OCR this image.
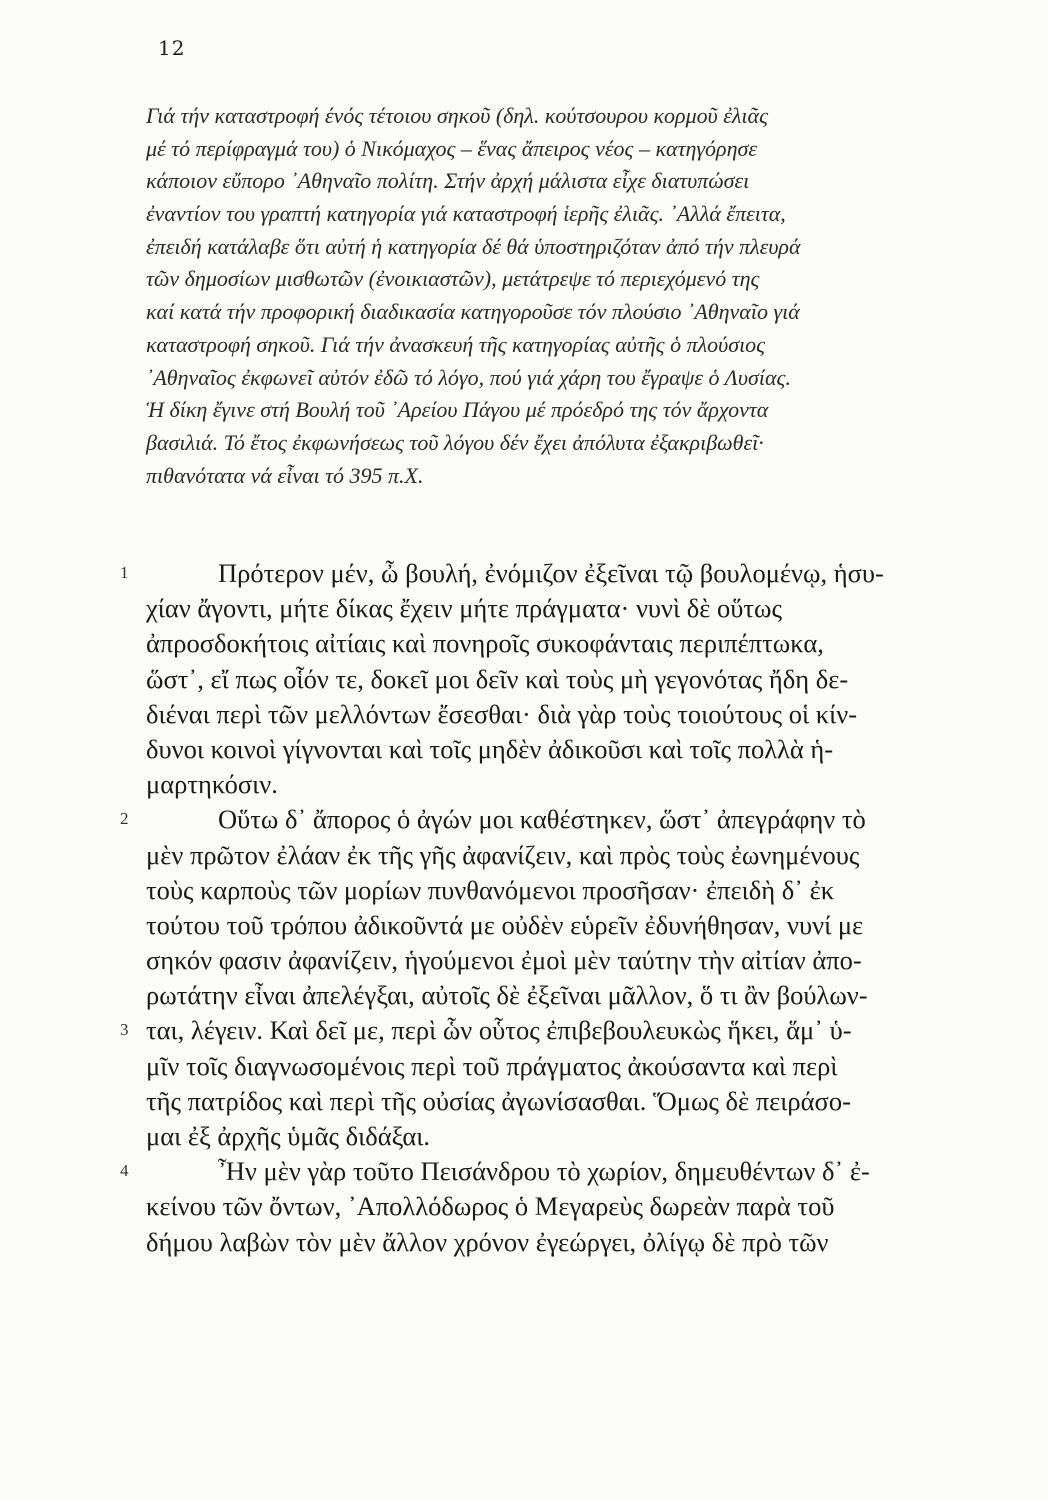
12
Γιά τήν καταστροφή ένός τέτοιου σηκοῦ (δηλ. κούτσουρου κορμοῦ ἐλιᾶς
μέ τό περίφραγμά του) ὁ Νικόμαχος – ἕνας ἄπειρος νέος – κατηγόρησε
κάποιον εὔπορο ᾿Αθηναῖο πολίτη. Στήν ἀρχή μάλιστα εἶχε διατυπώσει
ἐναντίον του γραπτή κατηγορία γιά καταστροφή ἱερῆς ἐλιᾶς. ᾿Αλλά ἔπειτα,
ἐπειδή κατάλαβε ὅτι αὐτή ἡ κατηγορία δέ θά ὑποστηριζόταν ἀπό τήν πλευρά
τῶν δημοσίων μισθωτῶν (ἐνοικιαστῶν), μετάτρεψε τό περιεχόμενό της
καί κατά τήν προφορική διαδικασία κατηγοροῦσε τόν πλούσιο ᾿Αθηναῖο γιά
καταστροφή σηκοῦ. Γιά τήν ἀνασκευή τῆς κατηγορίας αὐτῆς ὁ πλούσιος
᾿Αθηναῖος ἐκφωνεῖ αὐτόν ἐδῶ τό λόγο, πού γιά χάρη του ἔγραψε ὁ Λυσίας.
Ἡ δίκη ἔγινε στή Βουλή τοῦ ᾿Αρείου Πάγου μέ πρόεδρό της τόν ἄρχοντα
βασιλιά. Τό ἔτος ἐκφωνήσεως τοῦ λόγου δέν ἔχει ἀπόλυτα ἐξακριβωθεῖ·
πιθανότατα νά εἶναι τό 395 π.Χ.
1	Πρότερον μέν, ὦ βουλή, ἐνόμιζον ἐξεῖναι τῷ βουλομένῳ, ἡσυ-
χίαν ἄγοντι, μήτε δίκας ἔχειν μήτε πράγματα· νυνὶ δὲ οὕτως
ἀπροσδοκήτοις αἰτίαις καὶ πονηροῖς συκοφάνταις περιπέπτωκα,
ὥστ᾿, εἴ πως οἷόν τε, δοκεῖ μοι δεῖν καὶ τοὺς μὴ γεγονότας ἤδη δε-
διέναι περὶ τῶν μελλόντων ἔσεσθαι· διὰ γὰρ τοὺς τοιούτους οἱ κίν-
δυνοι κοινοὶ γίγνονται καὶ τοῖς μηδὲν ἀδικοῦσι καὶ τοῖς πολλὰ ἡ-
μαρτηκόσιν.
2	Οὕτω δ᾿ ἄπορος ὁ ἀγών μοι καθέστηκεν, ὥστ᾿ ἀπεγράφην τὸ
μὲν πρῶτον ἐλάαν ἐκ τῆς γῆς ἀφανίζειν, καὶ πρὸς τοὺς ἐωνημένους
τοὺς καρποὺς τῶν μορίων πυνθανόμενοι προσῆσαν· ἐπειδὴ δ᾿ ἐκ
τούτου τοῦ τρόπου ἀδικοῦντά με οὐδὲν εὑρεῖν ἐδυνήθησαν, νυνί με
σηκόν φασιν ἀφανίζειν, ἡγούμενοι ἐμοὶ μὲν ταύτην τὴν αἰτίαν ἀπο-
ρωτάτην εἶναι ἀπελέγξαι, αὐτοῖς δὲ ἐξεῖναι μᾶλλον, ὅ τι ἂν βούλων-
3 ται, λέγειν. Καὶ δεῖ με, περὶ ὧν οὗτος ἐπιβεβουλευκὼς ἥκει, ἅμ᾿ ὑ-
μῖν τοῖς διαγνωσομένοις περὶ τοῦ πράγματος ἀκούσαντα καὶ περὶ
τῆς πατρίδος καὶ περὶ τῆς οὐσίας ἀγωνίσασθαι. Ὅμως δὲ πειράσο-
μαι ἐξ ἀρχῆς ὑμᾶς διδάξαι.
4	Ἦν μὲν γὰρ τοῦτο Πεισάνδρου τὸ χωρίον, δημευθέντων δ᾿ ἐ-
κείνου τῶν ὄντων, ᾿Απολλόδωρος ὁ Μεγαρεὺς δωρεὰν παρὰ τοῦ
δήμου λαβὼν τὸν μὲν ἄλλον χρόνον ἐγεώργει, ὀλίγῳ δὲ πρὸ τῶν
